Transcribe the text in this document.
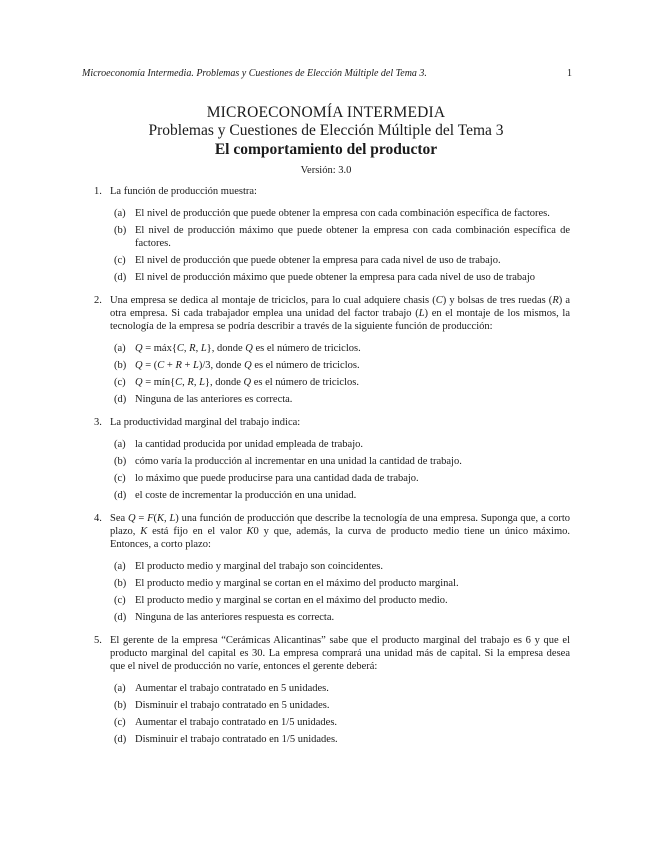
Microeconomía Intermedia. Problemas y Cuestiones de Elección Múltiple del Tema 3.	1
MICROECONOMÍA INTERMEDIA
Problemas y Cuestiones de Elección Múltiple del Tema 3
El comportamiento del productor
Versión: 3.0
1. La función de producción muestra:
(a) El nivel de producción que puede obtener la empresa con cada combinación específica de factores.
(b) El nivel de producción máximo que puede obtener la empresa con cada combinación específica de factores.
(c) El nivel de producción que puede obtener la empresa para cada nivel de uso de trabajo.
(d) El nivel de producción máximo que puede obtener la empresa para cada nivel de uso de trabajo
2. Una empresa se dedica al montaje de triciclos, para lo cual adquiere chasis (C) y bolsas de tres ruedas (R) a otra empresa. Si cada trabajador emplea una unidad del factor trabajo (L) en el montaje de los mismos, la tecnología de la empresa se podría describir a través de la siguiente función de producción:
(a) Q = máx{C, R, L}, donde Q es el número de triciclos.
(b) Q = (C + R + L)/3, donde Q es el número de triciclos.
(c) Q = mín{C, R, L}, donde Q es el número de triciclos.
(d) Ninguna de las anteriores es correcta.
3. La productividad marginal del trabajo indica:
(a) la cantidad producida por unidad empleada de trabajo.
(b) cómo varía la producción al incrementar en una unidad la cantidad de trabajo.
(c) lo máximo que puede producirse para una cantidad dada de trabajo.
(d) el coste de incrementar la producción en una unidad.
4. Sea Q = F(K, L) una función de producción que describe la tecnología de una empresa. Suponga que, a corto plazo, K está fijo en el valor K0 y que, además, la curva de producto medio tiene un único máximo. Entonces, a corto plazo:
(a) El producto medio y marginal del trabajo son coincidentes.
(b) El producto medio y marginal se cortan en el máximo del producto marginal.
(c) El producto medio y marginal se cortan en el máximo del producto medio.
(d) Ninguna de las anteriores respuesta es correcta.
5. El gerente de la empresa “Cerámicas Alicantinas” sabe que el producto marginal del trabajo es 6 y que el producto marginal del capital es 30. La empresa comprará una unidad más de capital. Si la empresa desea que el nivel de producción no varíe, entonces el gerente deberá:
(a) Aumentar el trabajo contratado en 5 unidades.
(b) Disminuir el trabajo contratado en 5 unidades.
(c) Aumentar el trabajo contratado en 1/5 unidades.
(d) Disminuir el trabajo contratado en 1/5 unidades.
